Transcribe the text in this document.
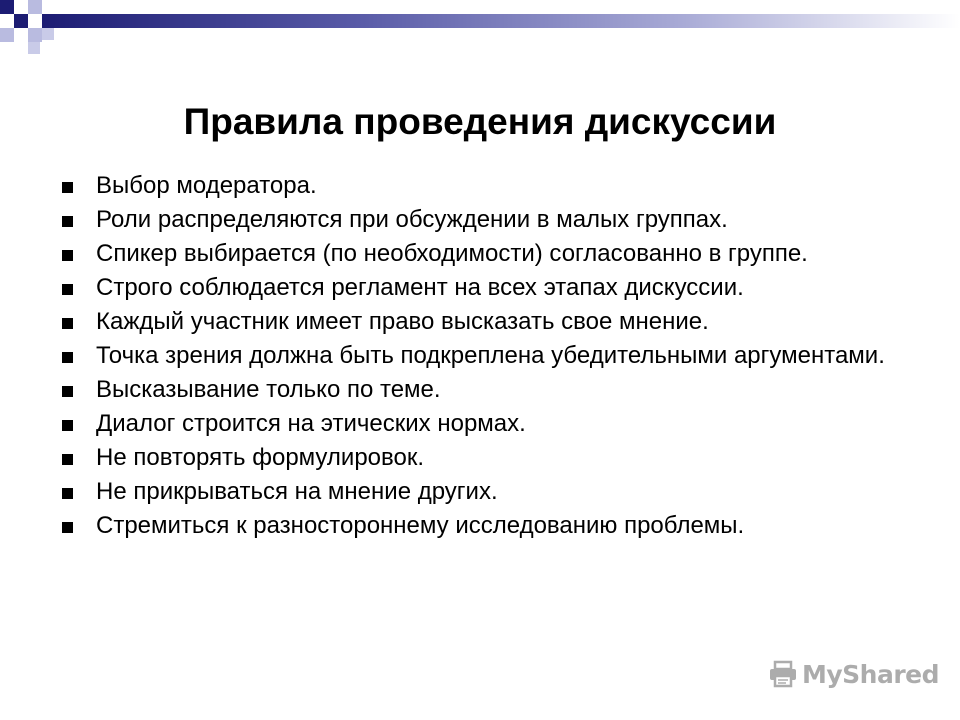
Правила проведения дискуссии
Выбор модератора.
Роли распределяются при обсуждении в малых группах.
Спикер выбирается (по необходимости) согласованно в группе.
Строго соблюдается регламент на всех этапах дискуссии.
Каждый участник имеет право высказать свое мнение.
Точка зрения должна быть подкреплена убедительными аргументами.
Высказывание только по теме.
Диалог строится на этических нормах.
Не повторять формулировок.
Не прикрываться на мнение других.
Стремиться к разностороннему исследованию проблемы.
MyShared
